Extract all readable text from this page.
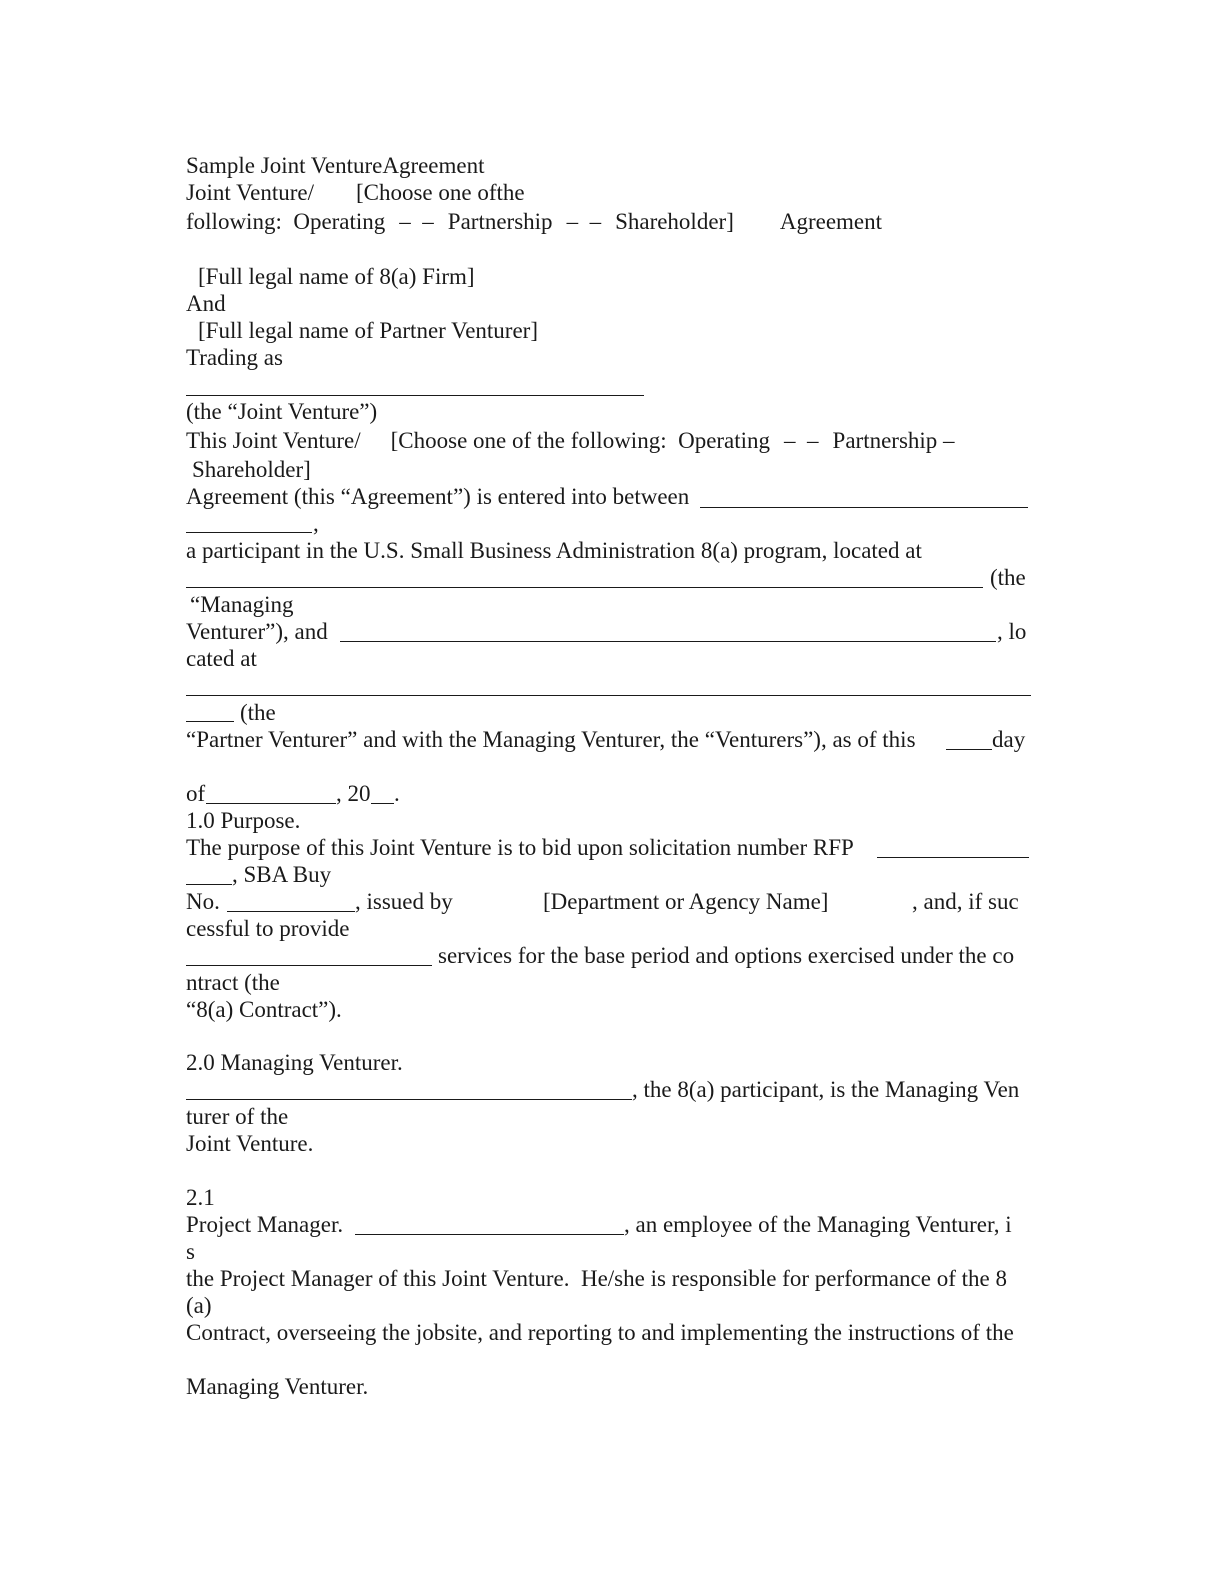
Sample Joint VentureAgreement
Joint Venture/ [Choose one ofthe
following:  Operating –  – Partnership –  – Shareholder] Agreement
[Full legal name of 8(a) Firm]
And
[Full legal name of Partner Venturer]
Trading as
(the “Joint Venture”)
This Joint Venture/ [Choose one of the following:  Operating –  – Partnership –
Shareholder]
Agreement (this “Agreement”) is entered into between
,
a participant in the U.S. Small Business Administration 8(a) program, located at
(the
“Managing
Venturer”), and	, lo
cated at
(the
“Partner Venturer” and with the Managing Venturer, the “Venturers”), as of this	day
of	, 20 .
1.0 Purpose.
The purpose of this Joint Venture is to bid upon solicitation number RFP
, SBA Buy
No.	, issued by	[Department or Agency Name]	, and, if suc
cessful to provide
services for the base period and options exercised under the co
ntract (the
“8(a) Contract”).
2.0 Managing Venturer.
, the 8(a) participant, is the Managing Ven
turer of the
Joint Venture.
2.1
Project Manager.	, an employee of the Managing Venturer, i
s
the Project Manager of this Joint Venture.  He/she is responsible for performance of the 8
(a)
Contract, overseeing the jobsite, and reporting to and implementing the instructions of the
Managing Venturer.
